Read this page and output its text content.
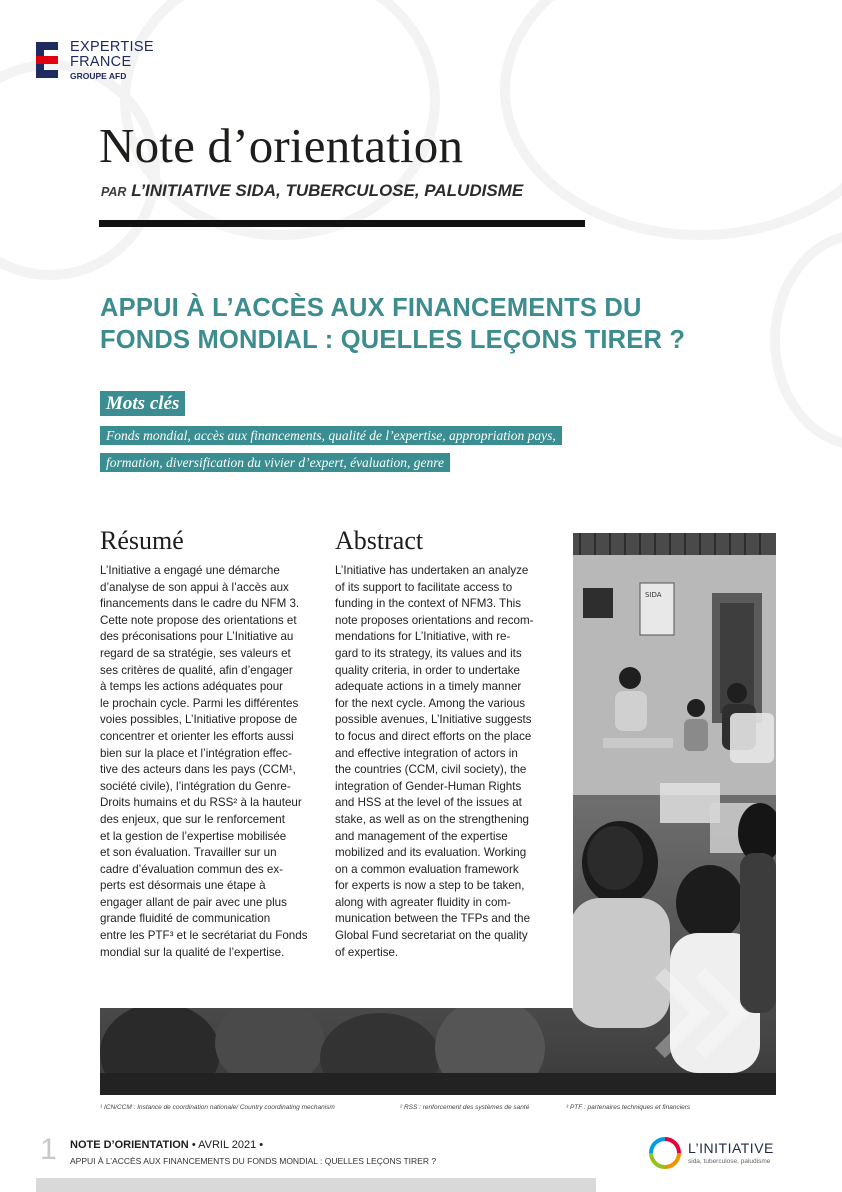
EXPERTISE
FRANCE
GROUPE AFD
Note d’orientation
PAR L’INITIATIVE SIDA, TUBERCULOSE, PALUDISME
APPUI À L’ACCÈS AUX FINANCEMENTS DU
FONDS MONDIAL : QUELLES LEÇONS TIRER ?
Mots clés
Fonds mondial, accès aux financements, qualité de l’expertise, appropriation pays,
formation, diversification du vivier d’expert, évaluation, genre
SIDA
Résumé	Abstract
L’Initiative a engagé une démarche
d’analyse de son appui à l’accès aux
financements dans le cadre du NFM 3.
Cette note propose des orientations et
des préconisations pour L’Initiative au
regard de sa stratégie, ses valeurs et
ses critères de qualité, afin d’engager
à temps les actions adéquates pour
le prochain cycle. Parmi les différentes
voies possibles, L’Initiative propose de
concentrer et orienter les efforts aussi
bien sur la place et l’intégration effec-
tive des acteurs dans les pays (CCM¹,
société civile), l’intégration du Genre-
Droits humains et du RSS² à la hauteur
des enjeux, que sur le renforcement
et la gestion de l’expertise mobilisée
et son évaluation. Travailler sur un
cadre d’évaluation commun des ex-
perts est désormais une étape à
engager allant de pair avec une plus
grande fluidité de communication
entre les PTF³ et le secrétariat du Fonds
mondial sur la qualité de l’expertise.
L’Initiative has undertaken an analyze
of its support to facilitate access to
funding in the context of NFM3. This
note proposes orientations and recom-
mendations for L’Initiative, with re-
gard to its strategy, its values and its
quality criteria, in order to undertake
adequate actions in a timely manner
for the next cycle. Among the various
possible avenues, L’Initiative suggests
to focus and direct efforts on the place
and effective integration of actors in
the countries (CCM, civil society), the
integration of Gender-Human Rights
and HSS at the level of the issues at
stake, as well as on the strengthening
and management of the expertise
mobilized and its evaluation. Working
on a common evaluation framework
for experts is now a step to be taken,
along with agreater fluidity in com-
munication between the TFPs and the
Global Fund secretariat on the quality
of expertise.
¹ ICN/CCM : Instance de coordination nationale/ Country coordinating mechanism	² RSS : renforcement des systèmes de santé	³ PTF : partenaires techniques et financiers
1 NOTE D’ORIENTATION • AVRIL 2021 •
APPUI À L’ACCÈS AUX FINANCEMENTS DU FONDS MONDIAL : QUELLES LEÇONS TIRER ?
L’INITIATIVE
sida, tuberculose, paludisme
